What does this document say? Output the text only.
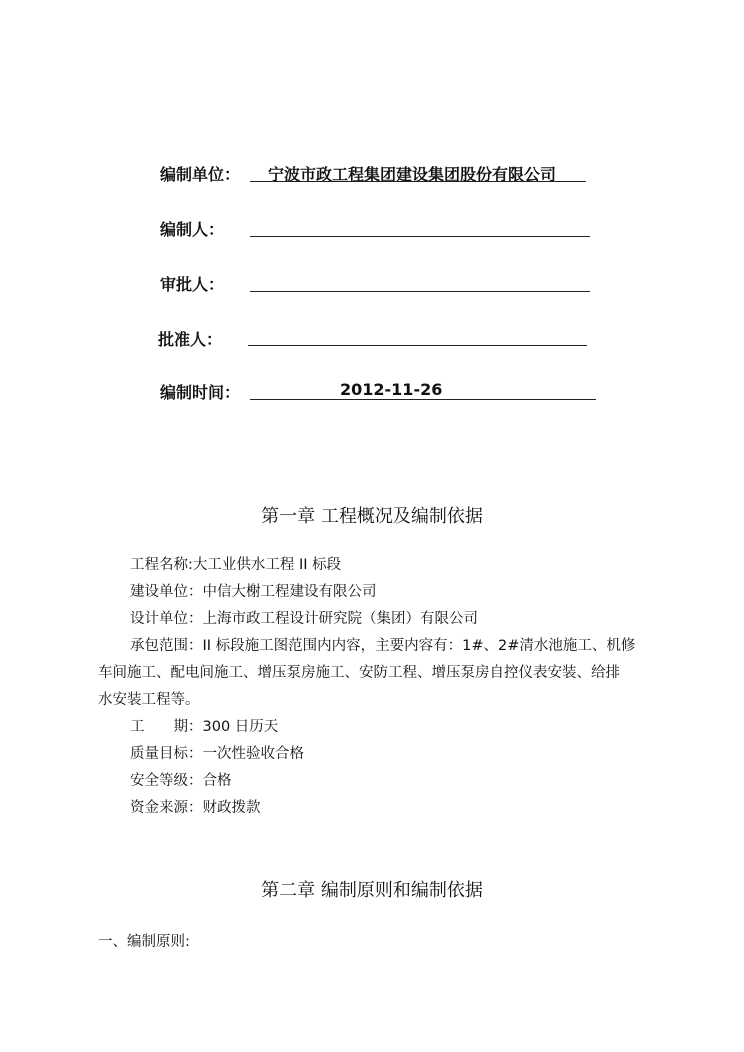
编制单位： 宁波市政工程集团建设集团股份有限公司
编制人：
审批人：
批准人：
编制时间：	2012-11-26
第一章 工程概况及编制依据
工程名称:大工业供水工程 II 标段
建设单位：中信大榭工程建设有限公司
设计单位：上海市政工程设计研究院（集团）有限公司
承包范围：II 标段施工图范围内内容，主要内容有：1#、2#清水池施工、机修
车间施工、配电间施工、增压泵房施工、安防工程、增压泵房自控仪表安装、给排
水安装工程等。
工　　期：300 日历天
质量目标：一次性验收合格
安全等级：合格
资金来源：财政拨款
第二章 编制原则和编制依据
一、编制原则:
